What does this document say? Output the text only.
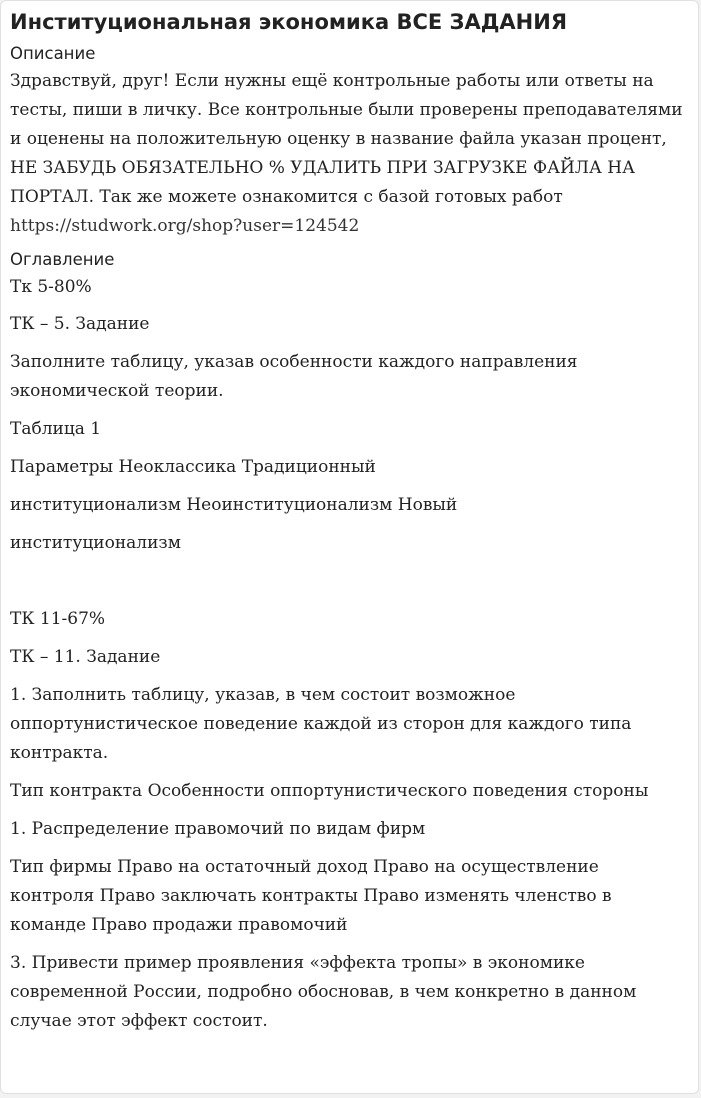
Институциональная экономика ВСЕ ЗАДАНИЯ
Описание
Здравствуй, друг! Если нужны ещё контрольные работы или ответы на тесты, пиши в личку. Все контрольные были проверены преподавателями и оценены на положительную оценку в название файла указан процент, НЕ ЗАБУДЬ ОБЯЗАТЕЛЬНО % УДАЛИТЬ ПРИ ЗАГРУЗКЕ ФАЙЛА НА ПОРТАЛ. Так же можете ознакомится с базой готовых работ https://studwork.org/shop?user=124542
Оглавление
Тк 5-80%
ТК – 5. Задание
Заполните таблицу, указав особенности каждого направления экономической теории.
Таблица 1
Параметры Неоклассика Традиционный
институционализм Неоинституционализм Новый
институционализм
ТК 11-67%
ТК – 11. Задание
1. Заполнить таблицу, указав, в чем состоит возможное оппортунистическое поведение каждой из сторон для каждого типа контракта.
Тип контракта Особенности оппортунистического поведения стороны
1. Распределение правомочий по видам фирм
Тип фирмы Право на остаточный доход Право на осуществление контроля Право заключать контракты Право изменять членство в команде Право продажи правомочий
3. Привести пример проявления «эффекта тропы» в экономике современной России, подробно обосновав, в чем конкретно в данном случае этот эффект состоит.
